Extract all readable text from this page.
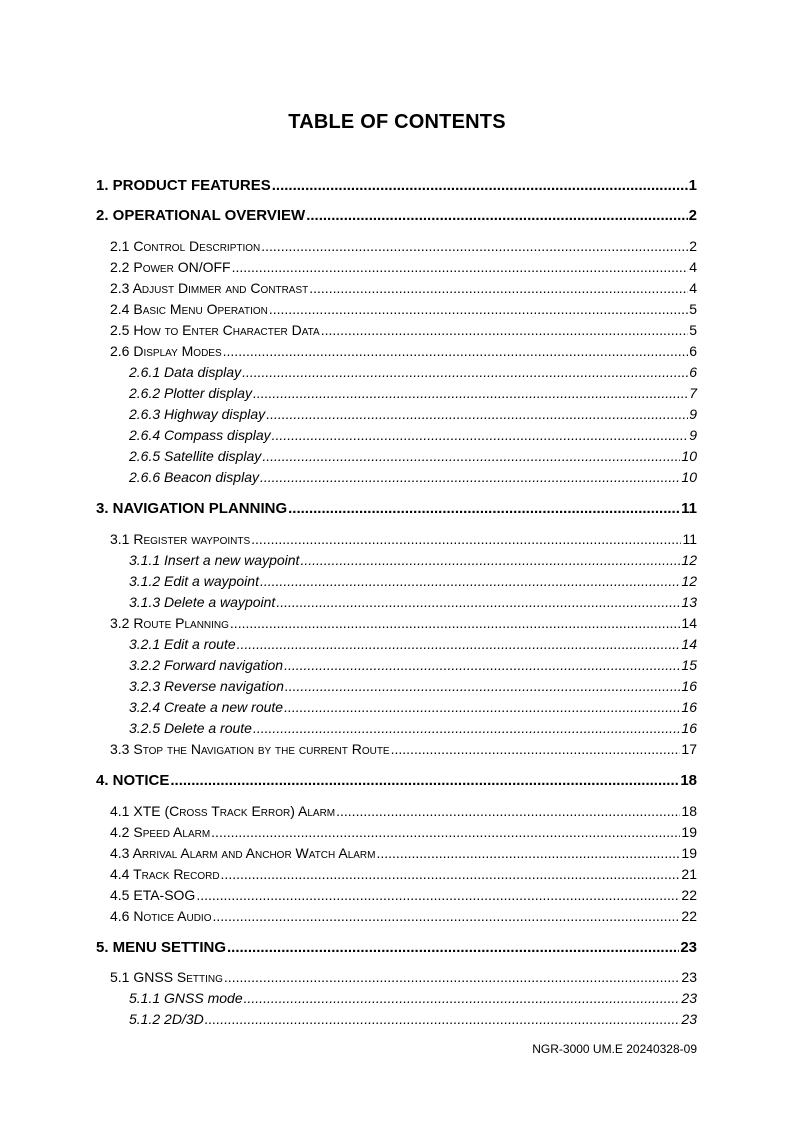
TABLE OF CONTENTS
1. PRODUCT FEATURES .....	1
2. OPERATIONAL OVERVIEW .....	2
2.1 Control Description .....	2
2.2 Power ON/OFF .....	4
2.3 Adjust Dimmer and Contrast .....	4
2.4 Basic Menu Operation .....	5
2.5 How to Enter Character Data .....	5
2.6 Display Modes .....	6
2.6.1 Data display .....	6
2.6.2 Plotter display .....	7
2.6.3 Highway display .....	9
2.6.4 Compass display .....	9
2.6.5 Satellite display .....	10
2.6.6 Beacon display .....	10
3. NAVIGATION PLANNING .....	11
3.1 Register waypoints .....	11
3.1.1 Insert a new waypoint .....	12
3.1.2 Edit a waypoint .....	12
3.1.3 Delete a waypoint .....	13
3.2 Route Planning .....	14
3.2.1 Edit a route .....	14
3.2.2 Forward navigation .....	15
3.2.3 Reverse navigation .....	16
3.2.4 Create a new route .....	16
3.2.5 Delete a route .....	16
3.3 Stop the Navigation by the current Route .....	17
4. NOTICE .....	18
4.1 XTE (Cross Track Error) Alarm .....	18
4.2 Speed Alarm .....	19
4.3 Arrival Alarm and Anchor Watch Alarm .....	19
4.4 Track Record .....	21
4.5 ETA-SOG .....	22
4.6 Notice Audio .....	22
5. MENU SETTING .....	23
5.1 GNSS Setting .....	23
5.1.1 GNSS mode .....	23
5.1.2 2D/3D .....	23
NGR-3000 UM.E 20240328-09
